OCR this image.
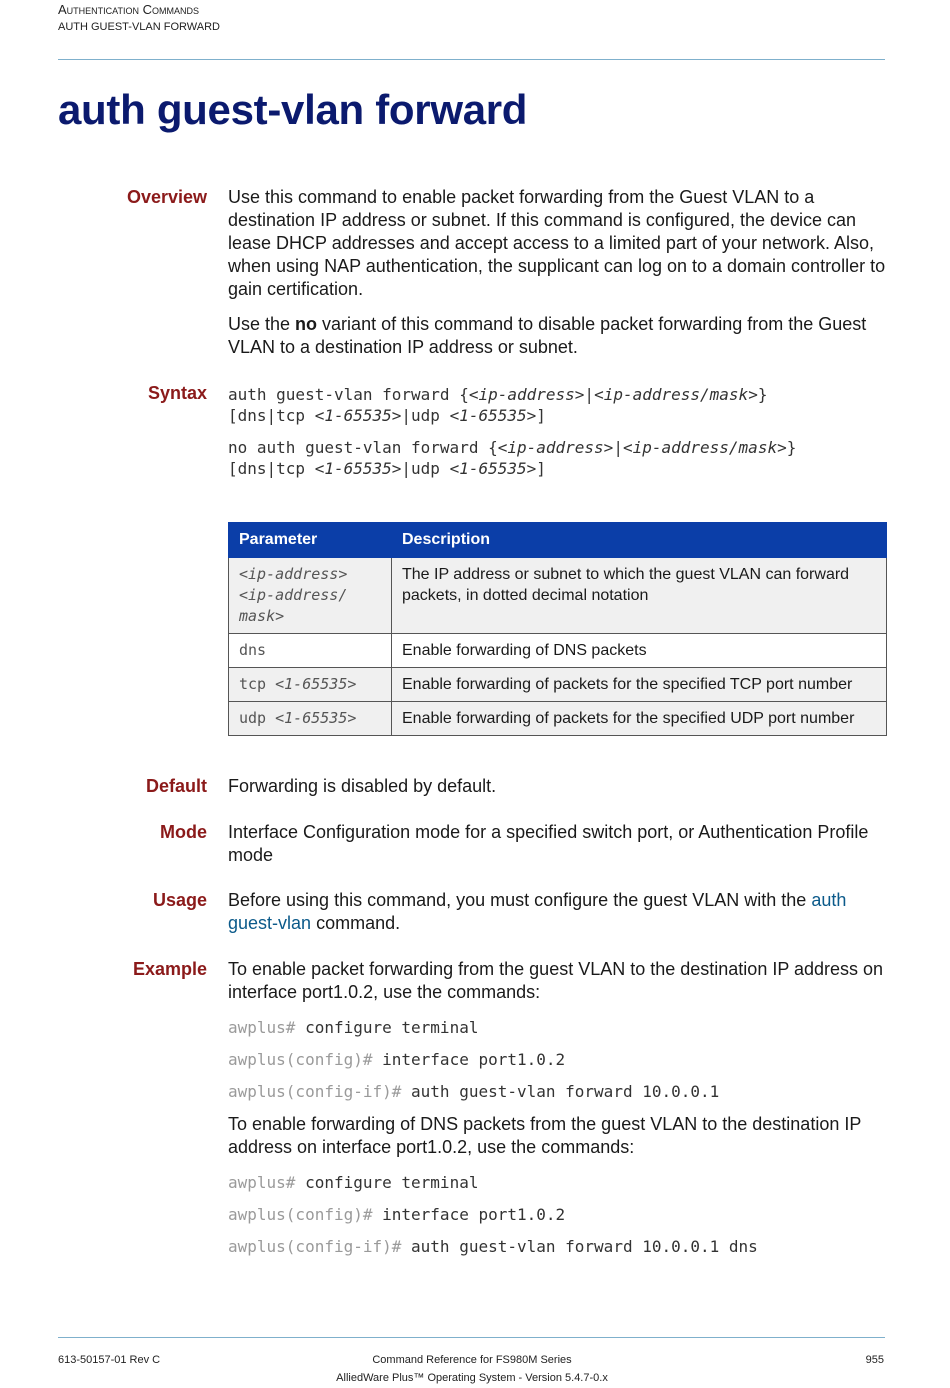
Authentication Commands
AUTH GUEST-VLAN FORWARD
auth guest-vlan forward
Overview Use this command to enable packet forwarding from the Guest VLAN to a destination IP address or subnet. If this command is configured, the device can lease DHCP addresses and accept access to a limited part of your network. Also, when using NAP authentication, the supplicant can log on to a domain controller to gain certification.

Use the no variant of this command to disable packet forwarding from the Guest VLAN to a destination IP address or subnet.

Syntax auth guest-vlan forward {<ip-address>|<ip-address/mask>}
[dns|tcp <1-65535>|udp <1-65535>]
no auth guest-vlan forward {<ip-address>|<ip-address/mask>}
[dns|tcp <1-65535>|udp <1-65535>]
Parameter	Description
<ip-address>
<ip-address/
mask>	The IP address or subnet to which the guest VLAN can forward packets, in dotted decimal notation
dns	Enable forwarding of DNS packets
tcp <1-65535>	Enable forwarding of packets for the specified TCP port number
udp <1-65535>	Enable forwarding of packets for the specified UDP port number
Default Forwarding is disabled by default.
Mode Interface Configuration mode for a specified switch port, or Authentication Profile mode
Usage Before using this command, you must configure the guest VLAN with the auth guest-vlan command.
Example To enable packet forwarding from the guest VLAN to the destination IP address on interface port1.0.2, use the commands:
awplus# configure terminal
awplus(config)# interface port1.0.2
awplus(config-if)# auth guest-vlan forward 10.0.0.1
To enable forwarding of DNS packets from the guest VLAN to the destination IP address on interface port1.0.2, use the commands:
awplus# configure terminal
awplus(config)# interface port1.0.2
awplus(config-if)# auth guest-vlan forward 10.0.0.1 dns
613-50157-01 Rev C	Command Reference for FS980M Series
AlliedWare Plus™ Operating System - Version 5.4.7-0.x
955
